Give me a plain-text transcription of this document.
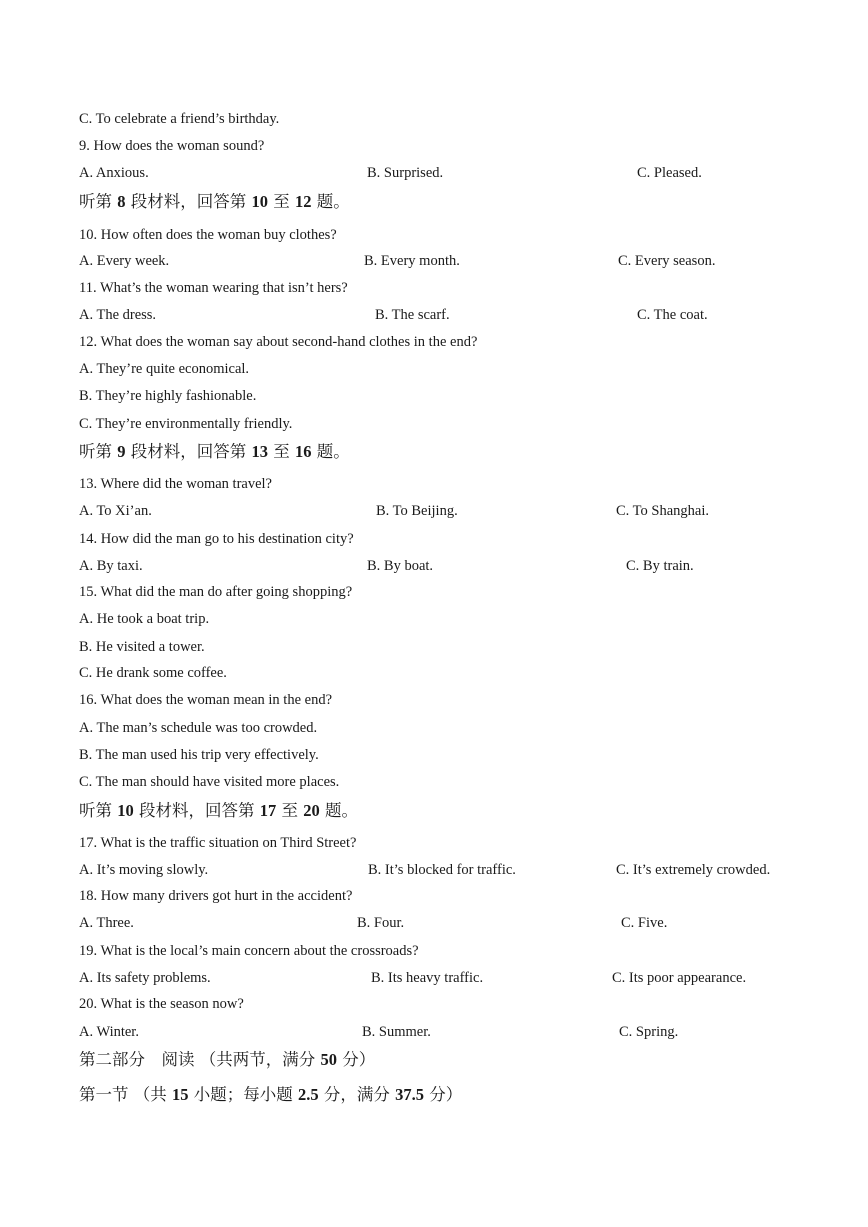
C. To celebrate a friend’s birthday.
9. How does the woman sound?
A. Anxious.	B. Surprised.	C. Pleased.
听第 8 段材料，回答第 10 至 12 题。
10. How often does the woman buy clothes?
A. Every week.	B. Every month.	C. Every season.
11. What’s the woman wearing that isn’t hers?
A. The dress.	B. The scarf.	C. The coat.
12. What does the woman say about second-hand clothes in the end?
A. They’re quite economical.
B. They’re highly fashionable.
C. They’re environmentally friendly.
听第 9 段材料，回答第 13 至 16 题。
13. Where did the woman travel?
A. To Xi’an.	B. To Beijing.	C. To Shanghai.
14. How did the man go to his destination city?
A. By taxi.	B. By boat.	C. By train.
15. What did the man do after going shopping?
A. He took a boat trip.
B. He visited a tower.
C. He drank some coffee.
16. What does the woman mean in the end?
A. The man’s schedule was too crowded.
B. The man used his trip very effectively.
C. The man should have visited more places.
听第 10 段材料，回答第 17 至 20 题。
17. What is the traffic situation on Third Street?
A. It’s moving slowly.	B. It’s blocked for traffic.	C. It’s extremely crowded.
18. How many drivers got hurt in the accident?
A. Three.	B. Four.	C. Five.
19. What is the local’s main concern about the crossroads?
A. Its safety problems.	B. Its heavy traffic.	C. Its poor appearance.
20. What is the season now?
A. Winter.	B. Summer.	C. Spring.
第二部分　阅读 （共两节，满分 50 分）
第一节 （共 15 小题；每小题 2.5 分，满分 37.5 分）
